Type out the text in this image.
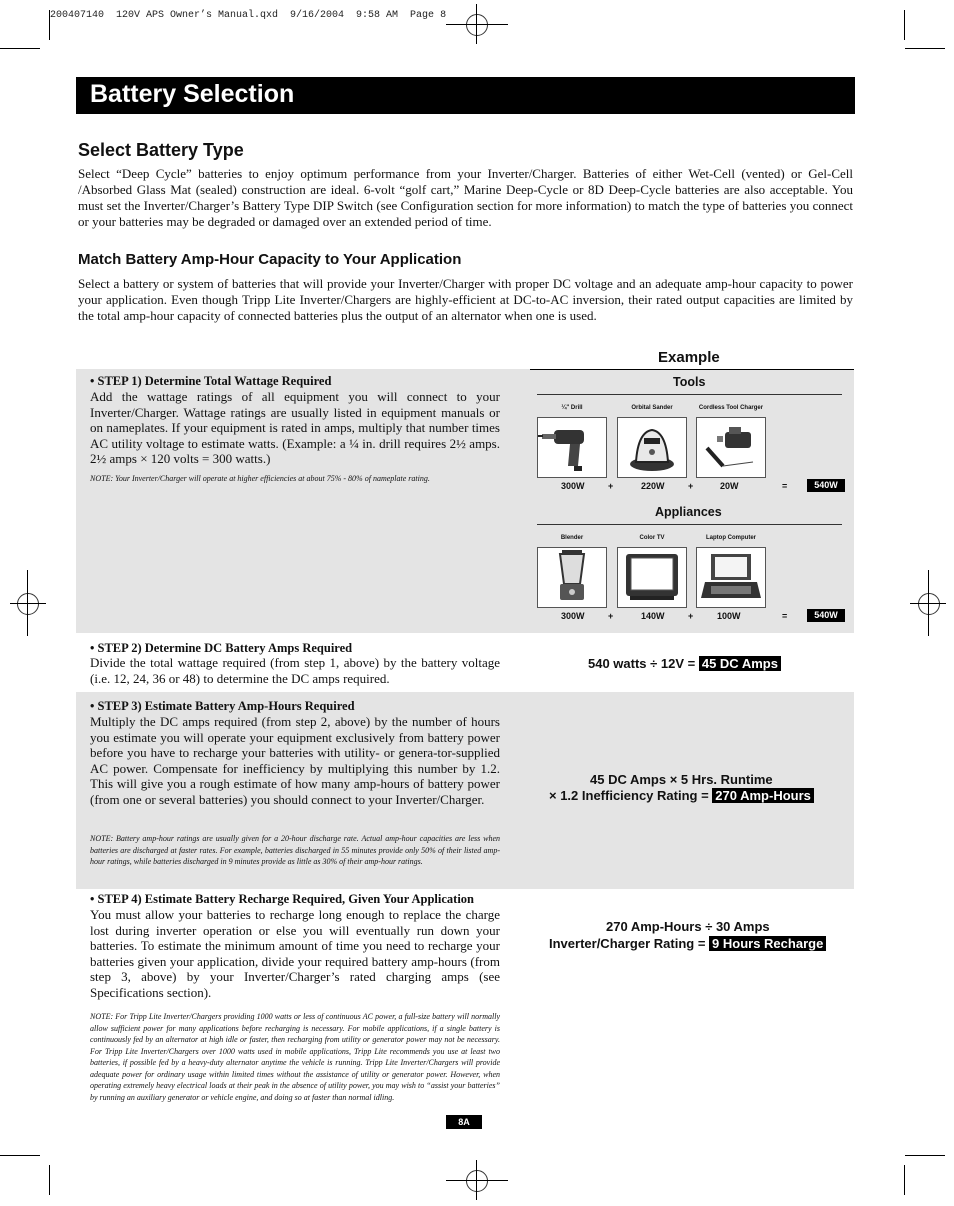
200407140  120V APS Owner’s Manual.qxd  9/16/2004  9:58 AM  Page 8
Battery Selection
Select Battery Type

Select “Deep Cycle” batteries to enjoy optimum performance from your Inverter/Charger. Batteries of either Wet-Cell (vented) or Gel-Cell /Absorbed Glass Mat (sealed) construction are ideal. 6-volt “golf cart,” Marine Deep-Cycle or 8D Deep-Cycle batteries are also acceptable. You must set the Inverter/Charger’s Battery Type DIP Switch (see Configuration section for more information) to match the type of batteries you connect or your batteries may be degraded or damaged over an extended period of time.

Match Battery Amp-Hour Capacity to Your Application

Select a battery or system of batteries that will provide your Inverter/Charger with proper DC voltage and an adequate amp-hour capacity to power your application. Even though Tripp Lite Inverter/Chargers are highly-efficient at DC-to-AC inversion, their rated output capacities are limited by the total amp-hour capacity of connected batteries plus the output of an alternator when one is used.

Example
• STEP 1) Determine Total Wattage Required

Add the wattage ratings of all equipment you will connect to your Inverter/Charger. Wattage ratings are usually listed in equipment manuals or on nameplates. If your equipment is rated in amps, multiply that number times AC utility voltage to estimate watts. (Example: a ¼ in. drill requires 2½ amps. 2½ amps × 120 volts = 300 watts.)

NOTE: Your Inverter/Charger will operate at higher efficiencies at about 75% - 80% of nameplate rating.

Tools
¼" Drill	Orbital Sander	Cordless Tool Charger
300W	+	220W	+	20W	=	540W
Appliances
Blender	Color TV	Laptop Computer
300W	+	140W	+	100W	=	540W
• STEP 2) Determine DC Battery Amps Required

Divide the total wattage required (from step 1, above) by the battery voltage (i.e. 12, 24, 36 or 48) to determine the DC amps required.

540 watts ÷ 12V = 45 DC Amps
• STEP 3) Estimate Battery Amp-Hours Required

Multiply the DC amps required (from step 2, above) by the number of hours you estimate you will operate your equipment exclusively from battery power before you have to recharge your batteries with utility- or genera-tor-supplied AC power. Compensate for inefficiency by multiplying this number by 1.2. This will give you a rough estimate of how many amp-hours of battery power (from one or several batteries) you should connect to your Inverter/Charger.

NOTE: Battery amp-hour ratings are usually given for a 20-hour discharge rate. Actual amp-hour capacities are less when batteries are discharged at faster rates. For example, batteries discharged in 55 minutes provide only 50% of their listed amp-hour ratings, while batteries discharged in 9 minutes provide as little as 30% of their amp-hour ratings.

45 DC Amps × 5 Hrs. Runtime
× 1.2 Inefficiency Rating = 270 Amp-Hours
• STEP 4) Estimate Battery Recharge Required, Given Your Application

You must allow your batteries to recharge long enough to replace the charge lost during inverter operation or else you will eventually run down your batteries. To estimate the minimum amount of time you need to recharge your batteries given your application, divide your required battery amp-hours (from step 3, above) by your Inverter/Charger’s rated charging amps (see Specifications section).

NOTE: For Tripp Lite Inverter/Chargers providing 1000 watts or less of continuous AC power, a full-size battery will normally allow sufficient power for many applications before recharging is necessary. For mobile applications, if a single battery is continuously fed by an alternator at high idle or faster, then recharging from utility or generator power may not be necessary. For Tripp Lite Inverter/Chargers over 1000 watts used in mobile applications, Tripp Lite recommends you use at least two batteries, if possible fed by a heavy-duty alternator anytime the vehicle is running. Tripp Lite Inverter/Chargers will provide adequate power for ordinary usage within limited times without the assistance of utility or generator power. However, when operating extremely heavy electrical loads at their peak in the absence of utility power, you may wish to “assist your batteries” by running an auxiliary generator or vehicle engine, and doing so at faster than normal idling.

270 Amp-Hours ÷ 30 Amps
Inverter/Charger Rating = 9 Hours Recharge
8A
